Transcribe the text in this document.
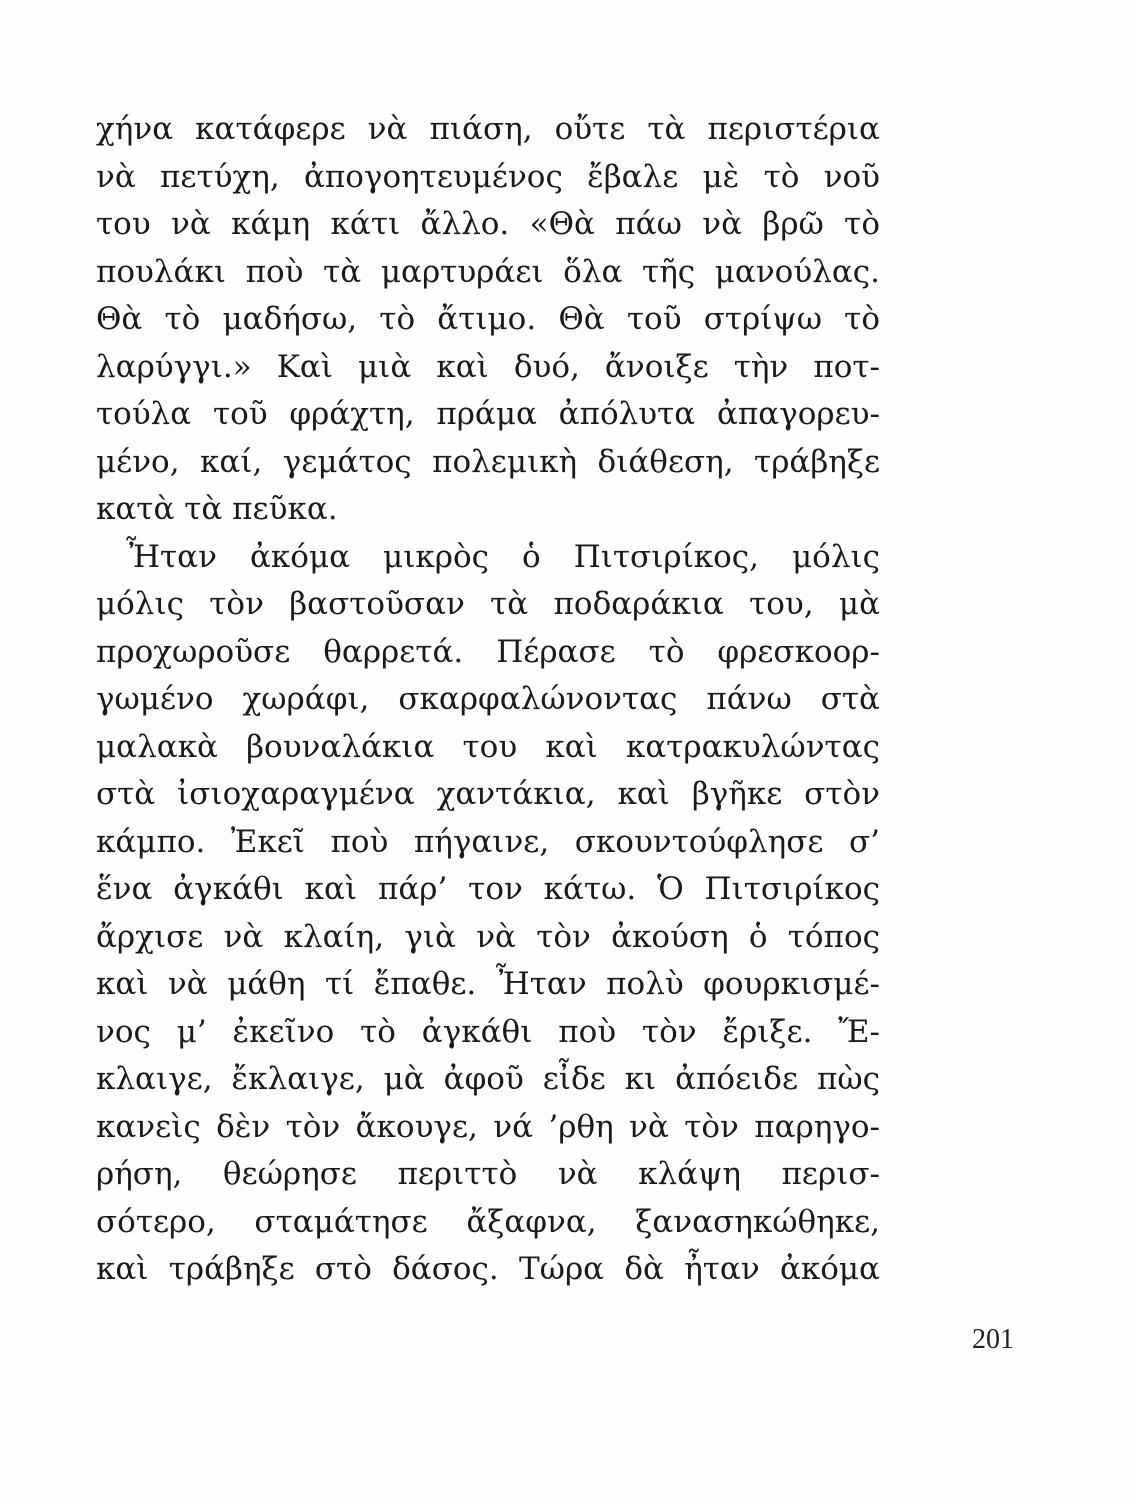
χήνα κατάφερε νὰ πιάση, οὔτε τὰ περιστέρια
νὰ πετύχη, ἀπογοητευμένος ἔβαλε μὲ τὸ νοῦ
του νὰ κάμη κάτι ἄλλο. «Θὰ πάω νὰ βρῶ τὸ
πουλάκι ποὺ τὰ μαρτυράει ὅλα τῆς μανούλας.
Θὰ τὸ μαδήσω, τὸ ἄτιμο. Θὰ τοῦ στρίψω τὸ
λαρύγγι.» Καὶ μιὰ καὶ δυό, ἄνοιξε τὴν ποτ-
τούλα τοῦ φράχτη, πράμα ἀπόλυτα ἀπαγορευ-
μένο, καί, γεμάτος πολεμικὴ διάθεση, τράβηξε
κατὰ τὰ πεῦκα.
Ἦταν ἀκόμα μικρὸς ὁ Πιτσιρίκος, μόλις
μόλις τὸν βαστοῦσαν τὰ ποδαράκια του, μὰ
προχωροῦσε θαρρετά. Πέρασε τὸ φρεσκοορ-
γωμένο χωράφι, σκαρφαλώνοντας πάνω στὰ
μαλακὰ βουναλάκια του καὶ κατρακυλώντας
στὰ ἰσιοχαραγμένα χαντάκια, καὶ βγῆκε στὸν
κάμπο. Ἐκεῖ ποὺ πήγαινε, σκουντούφλησε σ’
ἕνα ἀγκάθι καὶ πάρ’ τον κάτω. Ὁ Πιτσιρίκος
ἄρχισε νὰ κλαίη, γιὰ νὰ τὸν ἀκούση ὁ τόπος
καὶ νὰ μάθη τί ἔπαθε. Ἦταν πολὺ φουρκισμέ-
νος μ’ ἐκεῖνο τὸ ἀγκάθι ποὺ τὸν ἔριξε. Ἔ-
κλαιγε, ἔκλαιγε, μὰ ἀφοῦ εἶδε κι ἀπόειδε πὼς
κανεὶς δὲν τὸν ἄκουγε, νά ’ρθη νὰ τὸν παρηγο-
ρήση, θεώρησε περιττὸ νὰ κλάψη περισ-
σότερο, σταμάτησε ἄξαφνα, ξανασηκώθηκε,
καὶ τράβηξε στὸ δάσος. Τώρα δὰ ἦταν ἀκόμα
201
